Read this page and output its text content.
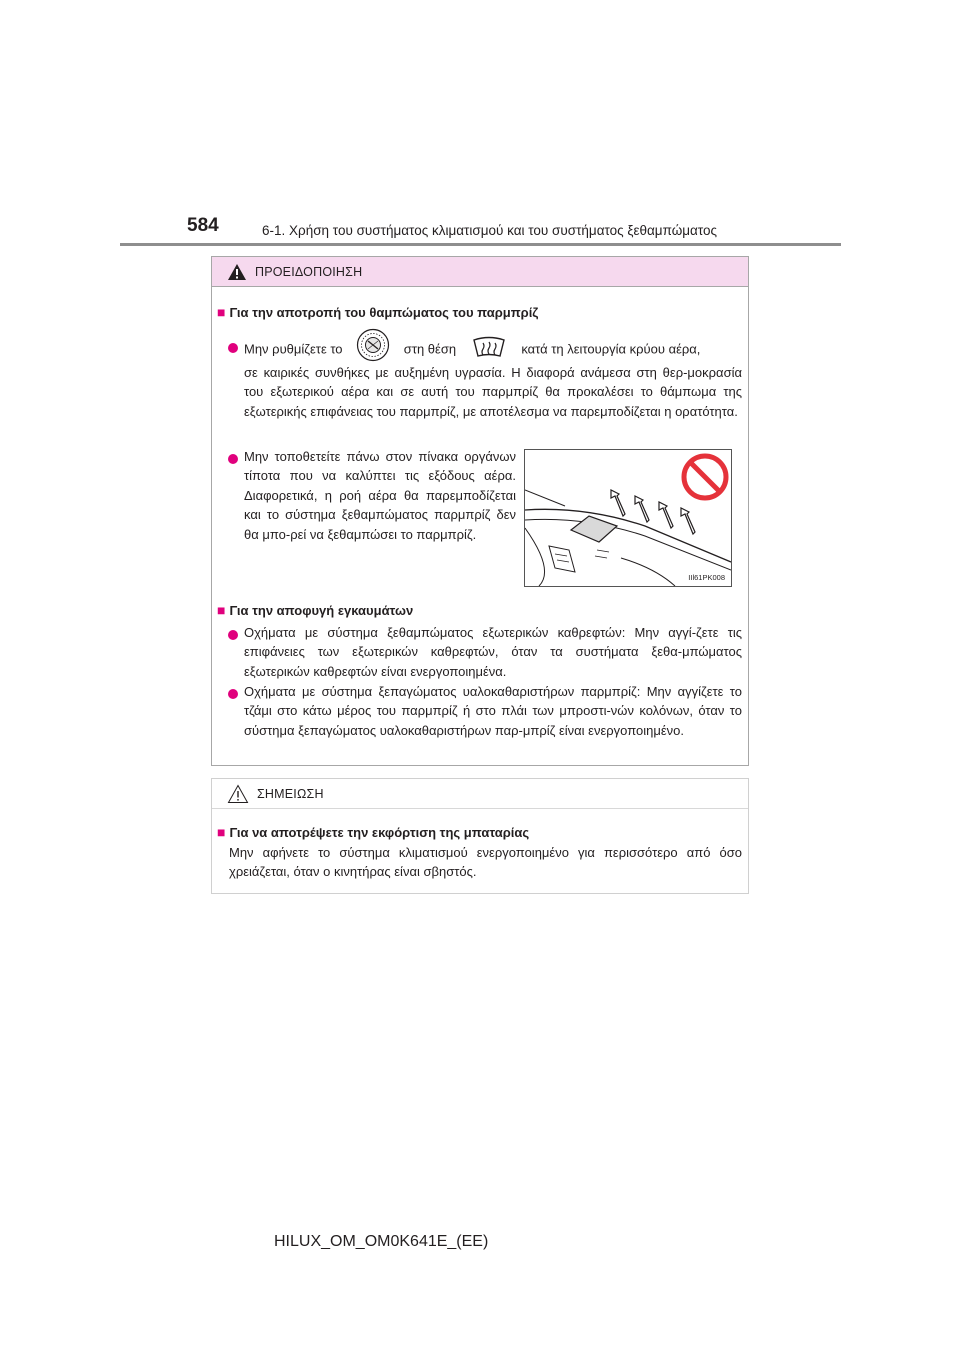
584	6-1. Χρήση του συστήματος κλιματισμού και του συστήματος ξεθαμπώματος
ΠΡΟΕΙΔΟΠΟΙΗΣΗ
■ Για την αποτροπή του θαμπώματος του παρμπρίζ
Μην ρυθμίζετε το	στη θέση	κατά τη λειτουργία κρύου αέρα,
σε καιρικές συνθήκες με αυξημένη υγρασία. Η διαφορά ανάμεσα στη θερ-μοκρασία του εξωτερικού αέρα και σε αυτή του παρμπρίζ θα προκαλέσει το θάμπωμα της εξωτερικής επιφάνειας του παρμπρίζ, με αποτέλεσμα να παρεμποδίζεται η ορατότητα.
Μην τοποθετείτε πάνω στον πίνακα οργάνων τίποτα που να καλύπτει τις εξόδους αέρα. Διαφορετικά, η ροή αέρα θα παρεμποδίζεται και το σύστημα ξεθαμπώματος παρμπρίζ δεν θα μπο-ρεί να ξεθαμπώσει το παρμπρίζ.
IIl61PK008
■ Για την αποφυγή εγκαυμάτων
Οχήματα με σύστημα ξεθαμπώματος εξωτερικών καθρεφτών: Μην αγγί-ζετε τις επιφάνειες των εξωτερικών καθρεφτών, όταν τα συστήματα ξεθα-μπώματος εξωτερικών καθρεφτών είναι ενεργοποιημένα.
Οχήματα με σύστημα ξεπαγώματος υαλοκαθαριστήρων παρμπρίζ: Μην αγγίζετε το τζάμι στο κάτω μέρος του παρμπρίζ ή στο πλάι των μπροστι-νών κολόνων, όταν το σύστημα ξεπαγώματος υαλοκαθαριστήρων παρ-μπρίζ είναι ενεργοποιημένο.
ΣΗΜΕΙΩΣΗ
■ Για να αποτρέψετε την εκφόρτιση της μπαταρίας
Μην αφήνετε το σύστημα κλιματισμού ενεργοποιημένο για περισσότερο από όσο χρειάζεται, όταν ο κινητήρας είναι σβηστός.
HILUX_OM_OM0K641E_(EE)
